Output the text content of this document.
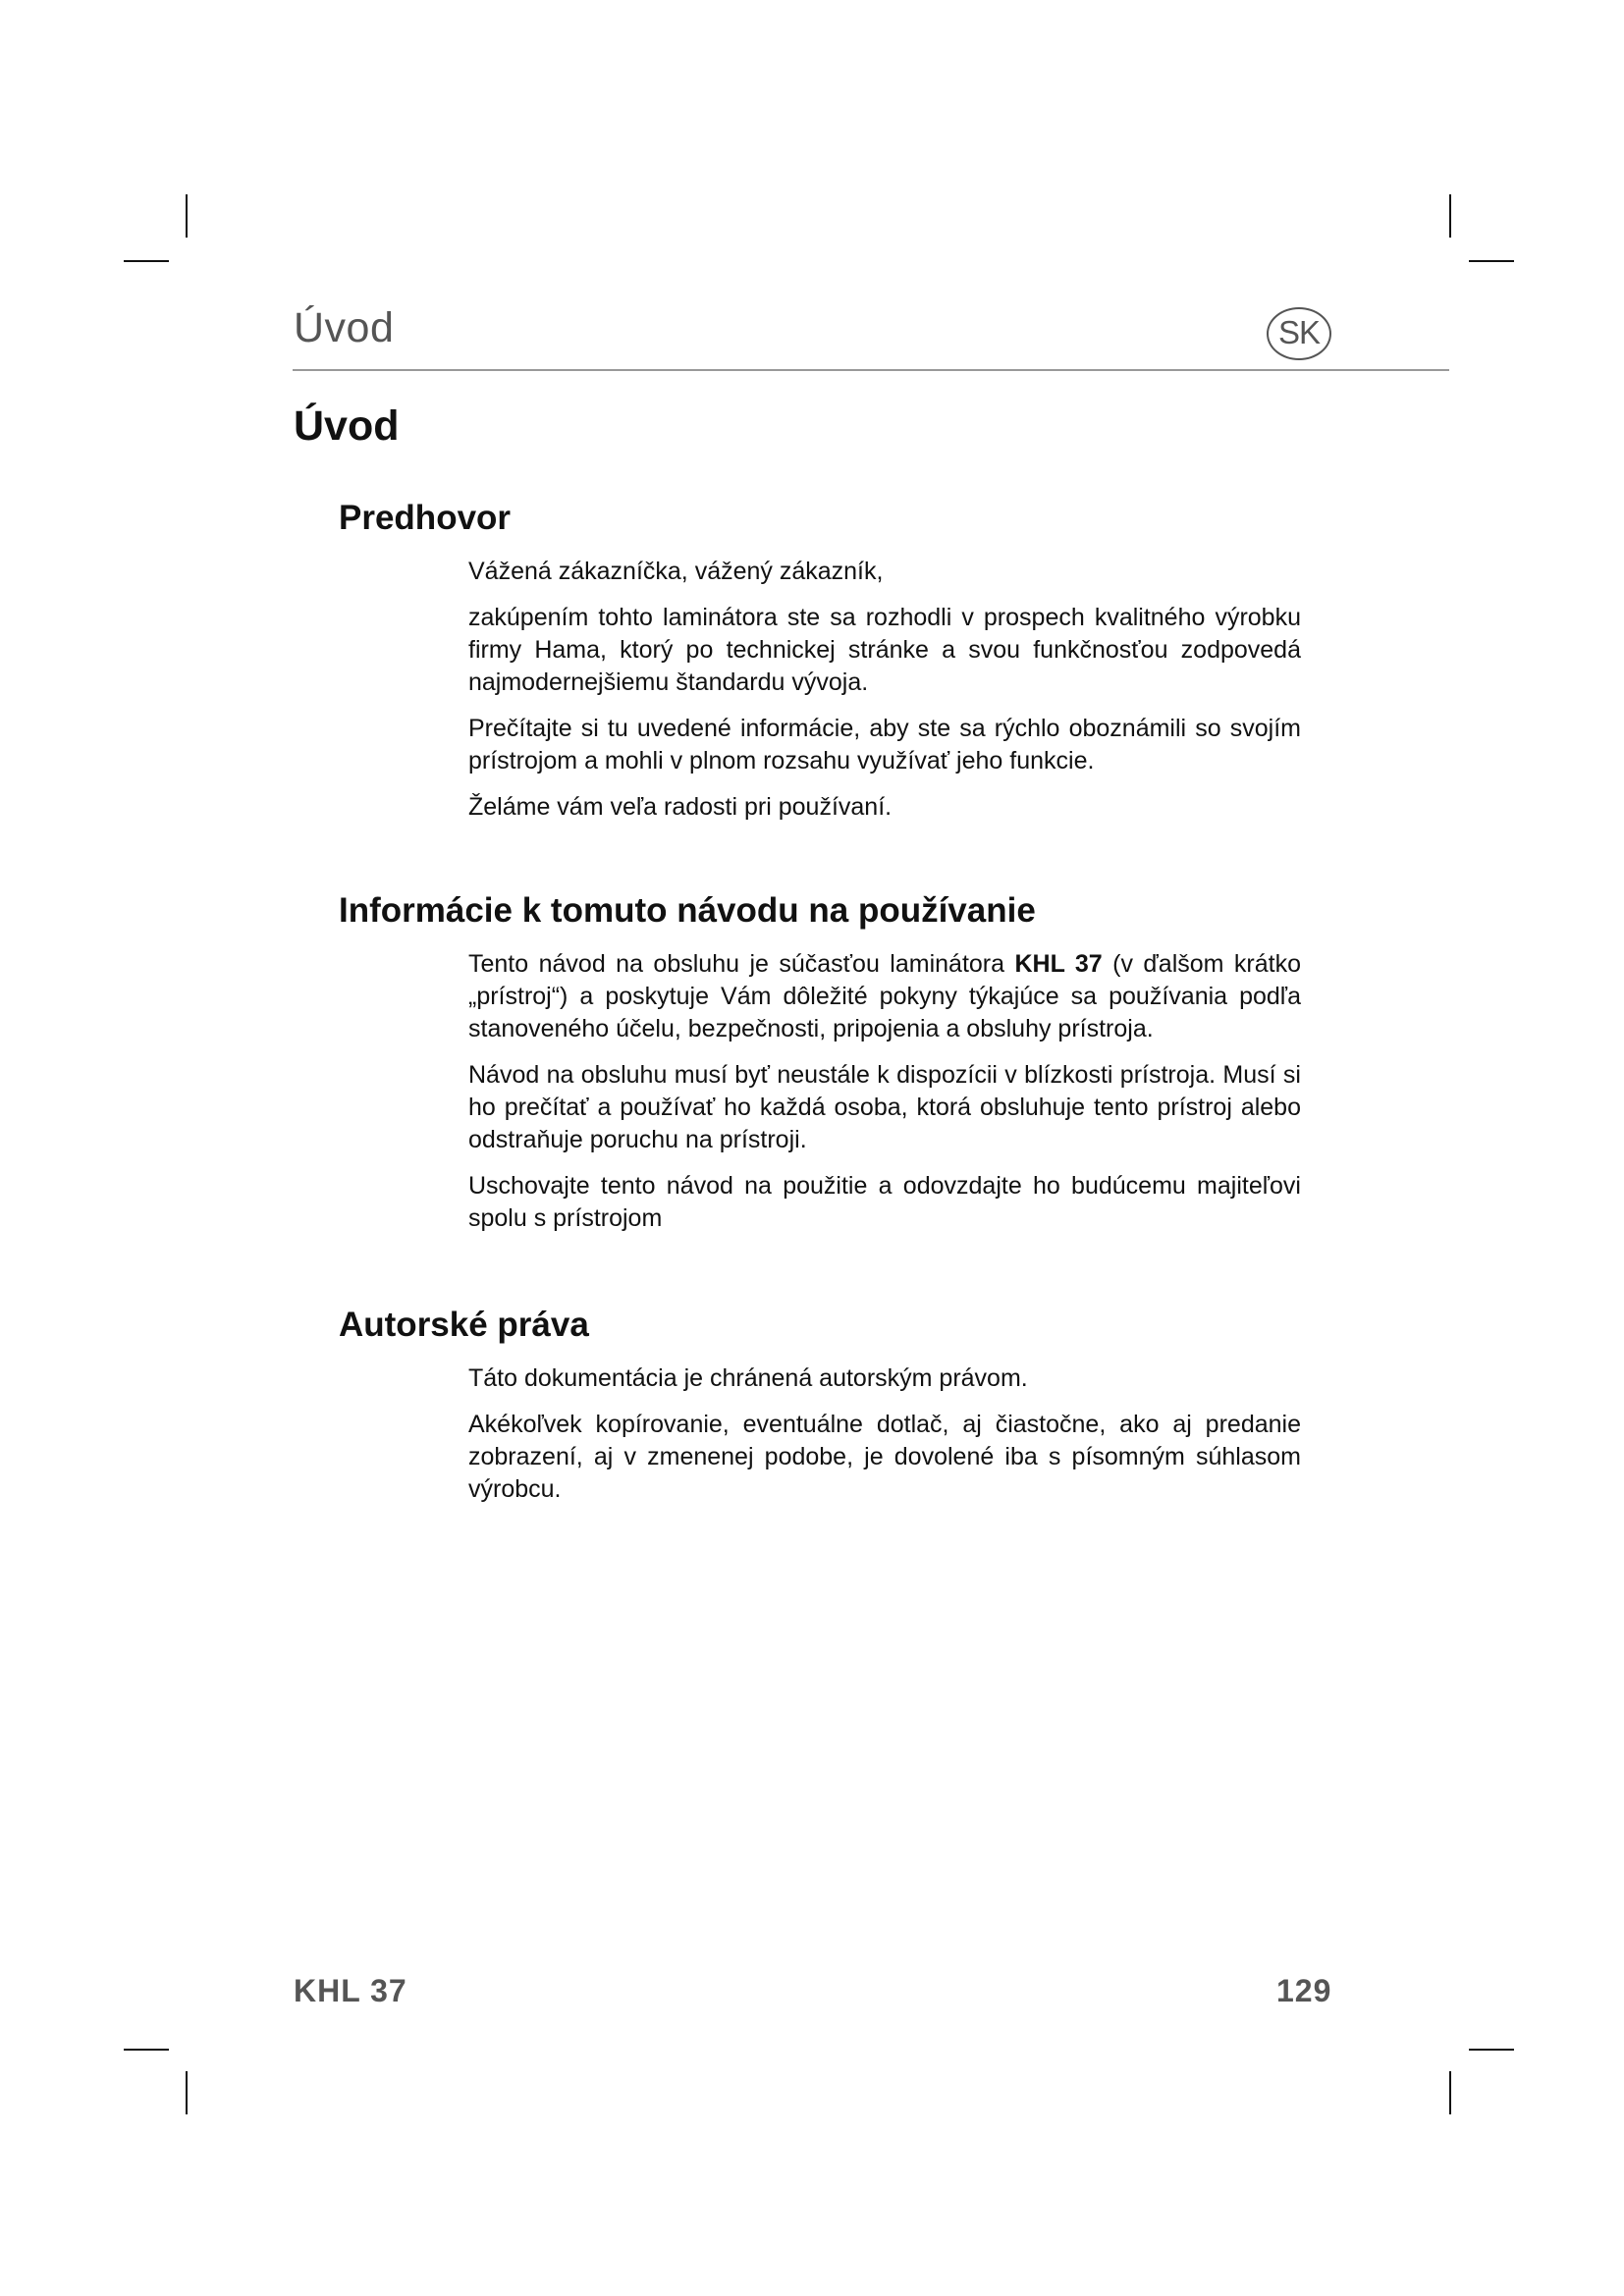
Úvod	SK
Úvod
Predhovor

Vážená zákazníčka, vážený zákazník,

zakúpením tohto laminátora ste sa rozhodli v prospech kvalitného výrobku firmy Hama, ktorý po technickej stránke a svou funkčnosťou zodpovedá najmodernejšiemu štandardu vývoja.

Prečítajte si tu uvedené informácie, aby ste sa rýchlo oboznámili so svojím prístrojom a mohli v plnom rozsahu využívať jeho funkcie.

Želáme vám veľa radosti pri používaní.

Informácie k tomuto návodu na používanie

Tento návod na obsluhu je súčasťou laminátora KHL 37 (v ďalšom krátko „prístroj“) a poskytuje Vám dôležité pokyny týkajúce sa používania podľa stanoveného účelu, bezpečnosti, pripojenia a obsluhy prístroja.

Návod na obsluhu musí byť neustále k dispozícii v blízkosti prístroja. Musí si ho prečítať a používať ho každá osoba, ktorá obsluhuje tento prístroj alebo odstraňuje poruchu na prístroji.

Uschovajte tento návod na použitie a odovzdajte ho budúcemu majiteľovi spolu s prístrojom

Autorské práva

Táto dokumentácia je chránená autorským právom.

Akékoľvek kopírovanie, eventuálne dotlač, aj čiastočne, ako aj predanie zobrazení, aj v zmenenej podobe, je dovolené iba s písomným súhlasom výrobcu.

KHL 37	129
